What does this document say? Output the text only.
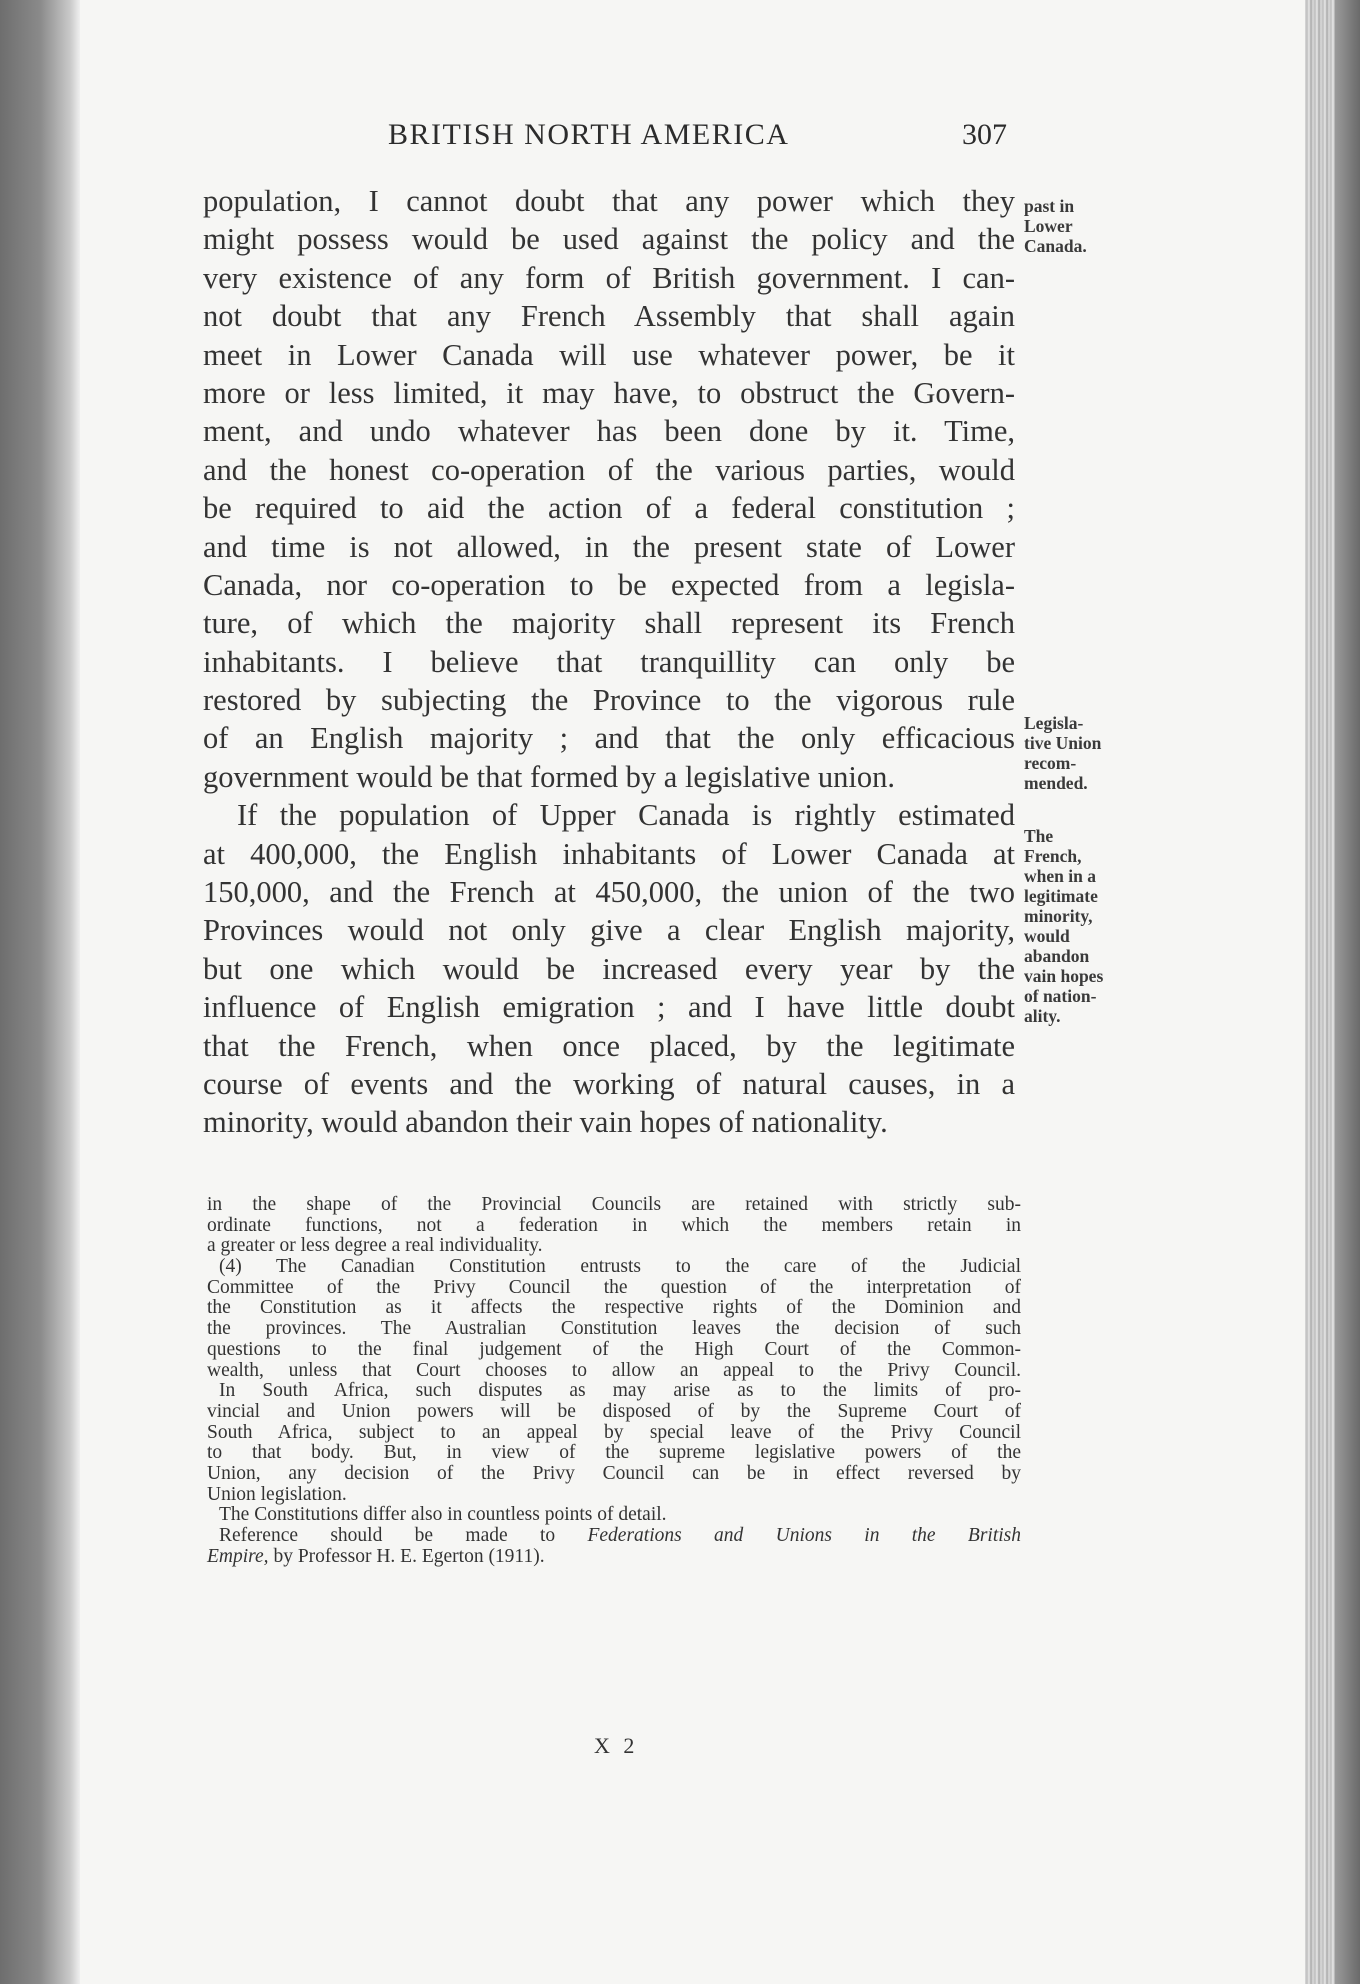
BRITISH NORTH AMERICA	307
population, I cannot doubt that any power which they
might possess would be used against the policy and the
very existence of any form of British government. I can-
not doubt that any French Assembly that shall again
meet in Lower Canada will use whatever power, be it
more or less limited, it may have, to obstruct the Govern-
ment, and undo whatever has been done by it. Time,
and the honest co-operation of the various parties, would
be required to aid the action of a federal constitution ;
and time is not allowed, in the present state of Lower
Canada, nor co-operation to be expected from a legisla-
ture, of which the majority shall represent its French
inhabitants. I believe that tranquillity can only be
restored by subjecting the Province to the vigorous rule
of an English majority ; and that the only efficacious
government would be that formed by a legislative union.
If the population of Upper Canada is rightly estimated
at 400,000, the English inhabitants of Lower Canada at
150,000, and the French at 450,000, the union of the two
Provinces would not only give a clear English majority,
but one which would be increased every year by the
influence of English emigration ; and I have little doubt
that the French, when once placed, by the legitimate
course of events and the working of natural causes, in a
minority, would abandon their vain hopes of nationality.
past in
Lower
Canada.
Legisla-
tive Union
recom-
mended.
The
French,
when in a
legitimate
minority,
would
abandon
vain hopes
of nation-
ality.
in the shape of the Provincial Councils are retained with strictly sub-
ordinate functions, not a federation in which the members retain in
a greater or less degree a real individuality.
(4) The Canadian Constitution entrusts to the care of the Judicial
Committee of the Privy Council the question of the interpretation of
the Constitution as it affects the respective rights of the Dominion and
the provinces. The Australian Constitution leaves the decision of such
questions to the final judgement of the High Court of the Common-
wealth, unless that Court chooses to allow an appeal to the Privy Council.
In South Africa, such disputes as may arise as to the limits of pro-
vincial and Union powers will be disposed of by the Supreme Court of
South Africa, subject to an appeal by special leave of the Privy Council
to that body. But, in view of the supreme legislative powers of the
Union, any decision of the Privy Council can be in effect reversed by
Union legislation.
The Constitutions differ also in countless points of detail.
Reference should be made to Federations and Unions in the British
Empire, by Professor H. E. Egerton (1911).
X 2
